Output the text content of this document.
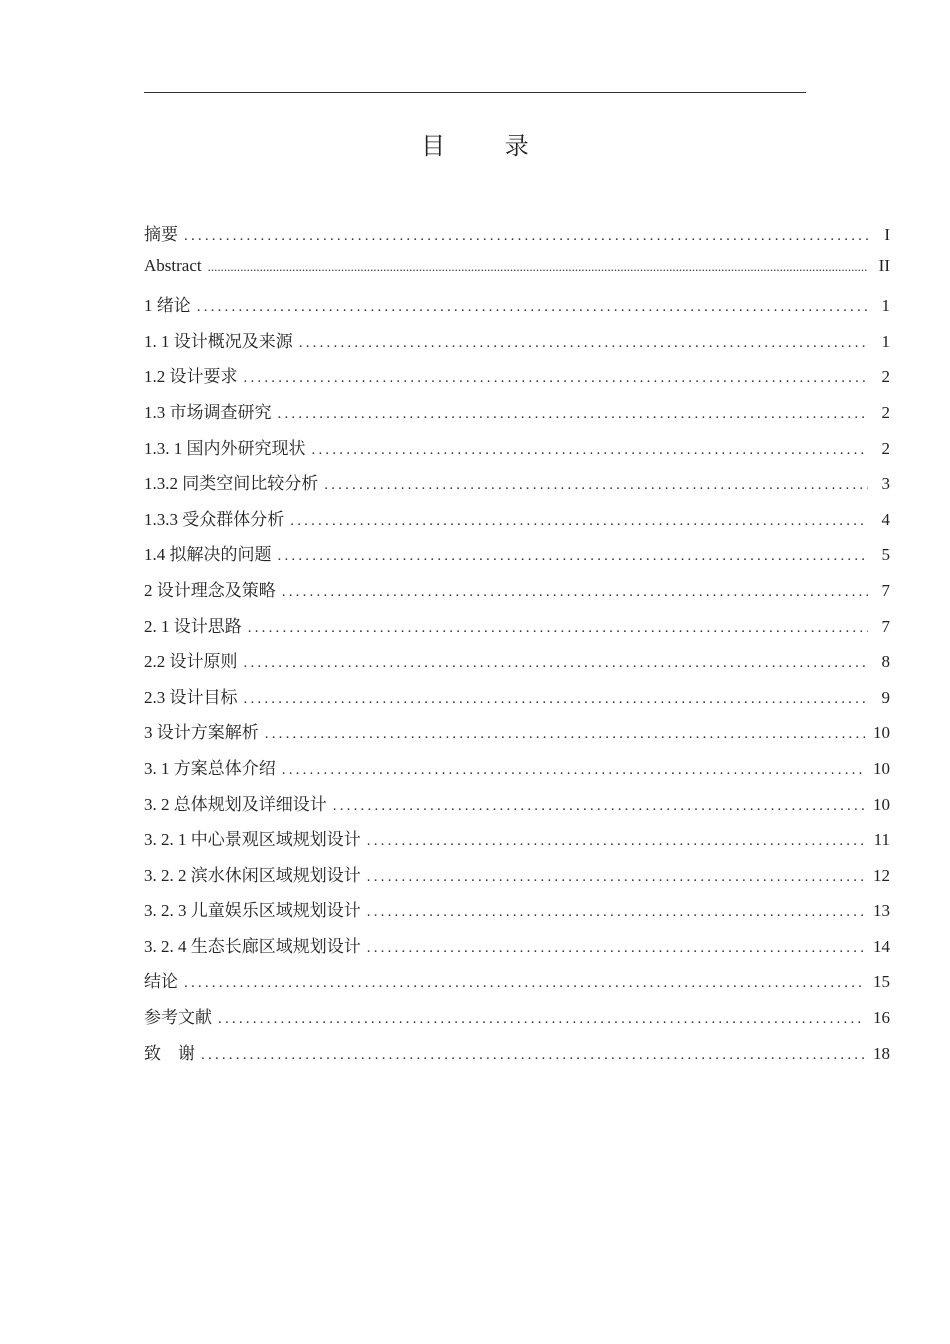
目 录
摘要 .....	I
Abstract .....	II
1 绪论 .....	1
1. 1 设计概况及来源 .....	1
1.2 设计要求 .....	2
1.3 市场调查研究 .....	2
1.3. 1 国内外研究现状 .....	2
1.3.2 同类空间比较分析 .....	3
1.3.3 受众群体分析 .....	4
1.4 拟解决的问题 .....	5
2 设计理念及策略 .....	7
2. 1 设计思路 .....	7
2.2 设计原则 .....	8
2.3 设计目标 .....	9
3 设计方案解析 .....	10
3. 1 方案总体介绍 .....	10
3. 2 总体规划及详细设计 .....	10
3. 2. 1 中心景观区域规划设计 .....	11
3. 2. 2 滨水休闲区域规划设计 .....	12
3. 2. 3 儿童娱乐区域规划设计 .....	13
3. 2. 4 生态长廊区域规划设计 .....	14
结论 .....	15
参考文献 .....	16
致    谢 .....	18
